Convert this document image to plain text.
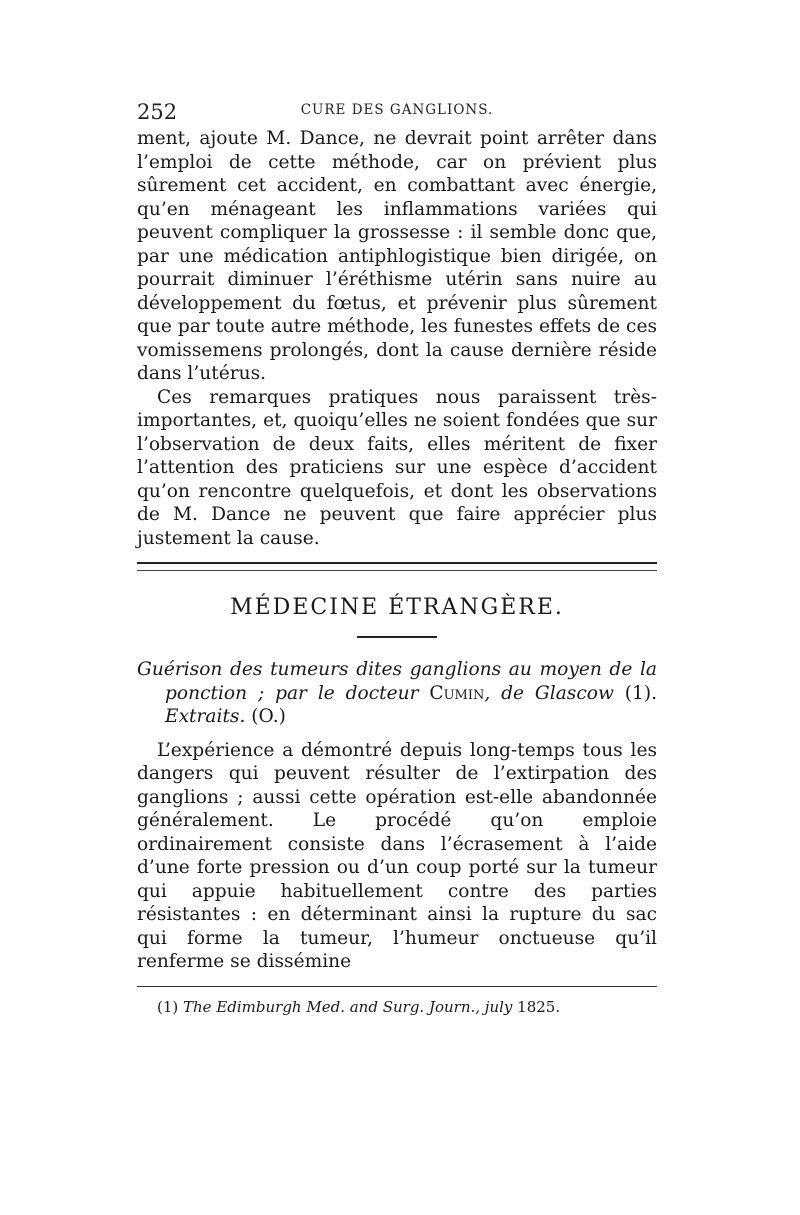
252	CURE DES GANGLIONS.

ment, ajoute M. Dance, ne devrait point arrêter dans l’emploi de cette méthode, car on prévient plus sûrement cet accident, en combattant avec énergie, qu’en ménageant les inflammations variées qui peuvent compliquer la grossesse : il semble donc que, par une médication antiphlogistique bien dirigée, on pourrait diminuer l’éréthisme utérin sans nuire au développement du fœtus, et prévenir plus sûrement que par toute autre méthode, les funestes effets de ces vomissemens prolongés, dont la cause dernière réside dans l’utérus.

Ces remarques pratiques nous paraissent très-importantes, et, quoiqu’elles ne soient fondées que sur l’observation de deux faits, elles méritent de fixer l’attention des praticiens sur une espèce d’accident qu’on rencontre quelquefois, et dont les observations de M. Dance ne peuvent que faire apprécier plus justement la cause.

MÉDECINE ÉTRANGÈRE.
Guérison des tumeurs dites ganglions au moyen de la ponction ; par le docteur Cumin, de Glascow (1). Extraits. (O.)

L’expérience a démontré depuis long-temps tous les dangers qui peuvent résulter de l’extirpation des ganglions ; aussi cette opération est-elle abandonnée généralement. Le procédé qu’on emploie ordinairement consiste dans l’écrasement à l’aide d’une forte pression ou d’un coup porté sur la tumeur qui appuie habituellement contre des parties résistantes : en déterminant ainsi la rupture du sac qui forme la tumeur, l’humeur onctueuse qu’il renferme se dissémine

(1) The Edimburgh Med. and Surg. Journ., july 1825.
